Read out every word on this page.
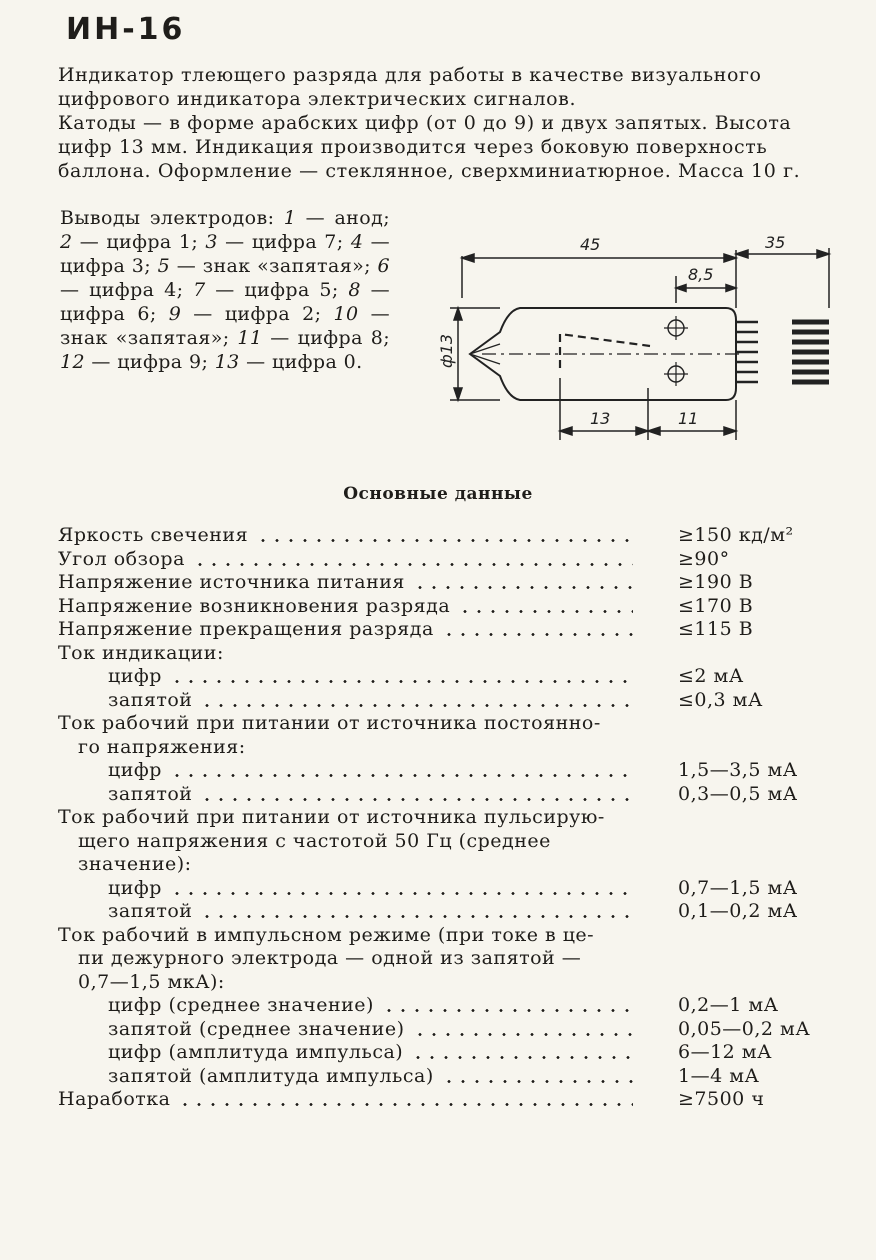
ИН-16

Индикатор тлеющего разряда для работы в качестве визуального цифрового индикатора электрических сигналов.

Катоды — в форме арабских цифр (от 0 до 9) и двух запятых. Высота цифр 13 мм. Индикация производится через боковую поверхность баллона. Оформление — стеклянное, сверхминиатюрное. Масса 10 г.

Выводы электродов: 1 — анод; 2 — цифра 1; 3 — цифра 7; 4 — цифра 3; 5 — знак «запятая»; 6 — цифра 4; 7 — цифра 5; 8 — цифра 6; 9 — цифра 2; 10 — знак «запятая»; 11 — цифра 8; 12 — цифра 9; 13 — цифра 0.
45	35
8,5
ф13
13	11
Основные данные
Яркость свечения	≥150 кд/м²
Угол обзора	≥90°
Напряжение источника питания	≥190 В
Напряжение возникновения разряда	≤170 В
Напряжение прекращения разряда	≤115 В
Ток индикации:
цифр	≤2 мА
запятой	≤0,3 мА
Ток рабочий при питании от источника постоянно-
го напряжения:
цифр	1,5—3,5 мА
запятой	0,3—0,5 мА
Ток рабочий при питании от источника пульсирую-
щего напряжения с частотой 50 Гц (среднее
значение):
цифр	0,7—1,5 мА
запятой	0,1—0,2 мА
Ток рабочий в импульсном режиме (при токе в це-
пи дежурного электрода — одной из запятой —
0,7—1,5 мкА):
цифр (среднее значение)	0,2—1 мА
запятой (среднее значение)	0,05—0,2 мА
цифр (амплитуда импульса)	6—12 мА
запятой (амплитуда импульса)	1—4 мА
Наработка	≥7500 ч
